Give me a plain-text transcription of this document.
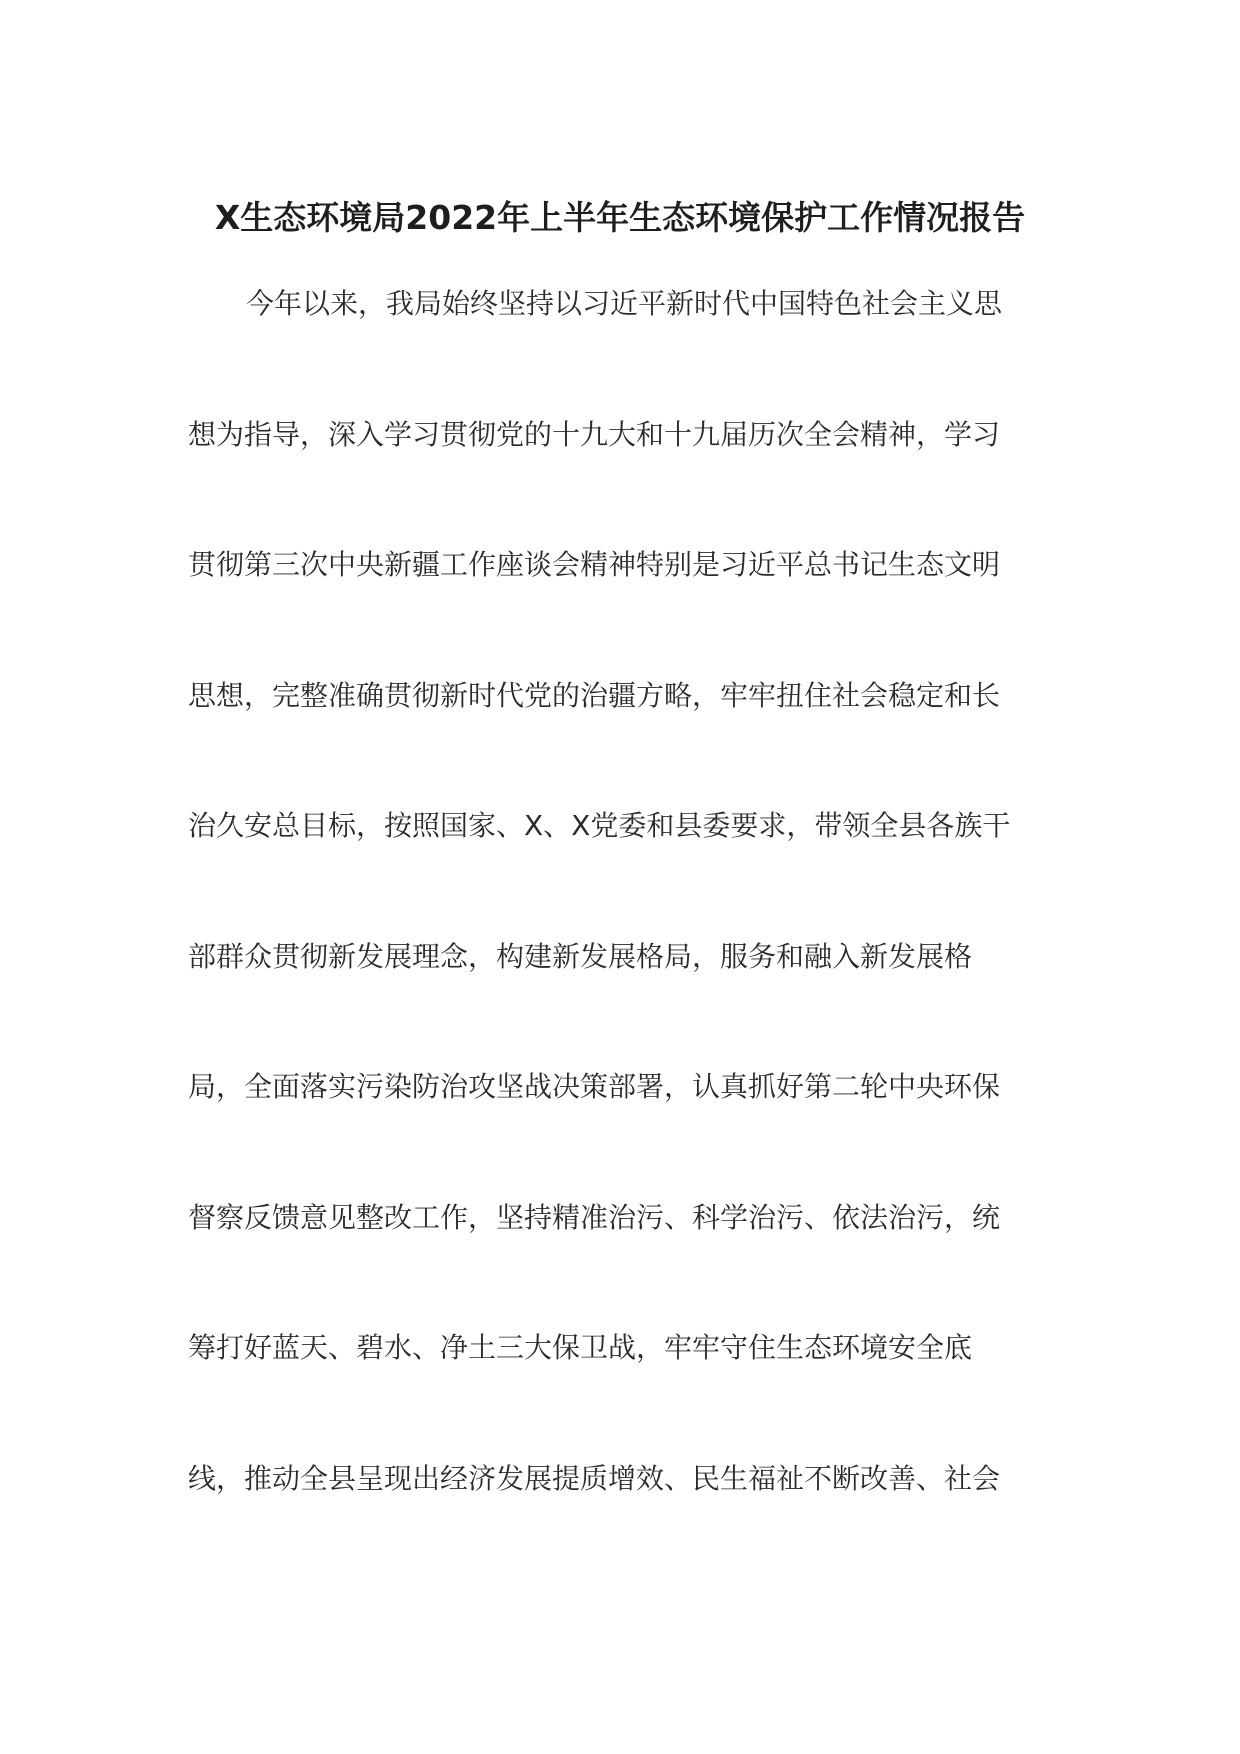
X生态环境局2022年上半年生态环境保护工作情况报告
今年以来，我局始终坚持以习近平新时代中国特色社会主义思
想为指导，深入学习贯彻党的十九大和十九届历次全会精神，学习
贯彻第三次中央新疆工作座谈会精神特别是习近平总书记生态文明
思想，完整准确贯彻新时代党的治疆方略，牢牢扭住社会稳定和长
治久安总目标，按照国家、X、X党委和县委要求，带领全县各族干
部群众贯彻新发展理念，构建新发展格局，服务和融入新发展格
局，全面落实污染防治攻坚战决策部署，认真抓好第二轮中央环保
督察反馈意见整改工作，坚持精准治污、科学治污、依法治污，统
筹打好蓝天、碧水、净土三大保卫战，牢牢守住生态环境安全底
线，推动全县呈现出经济发展提质增效、民生福祉不断改善、社会
